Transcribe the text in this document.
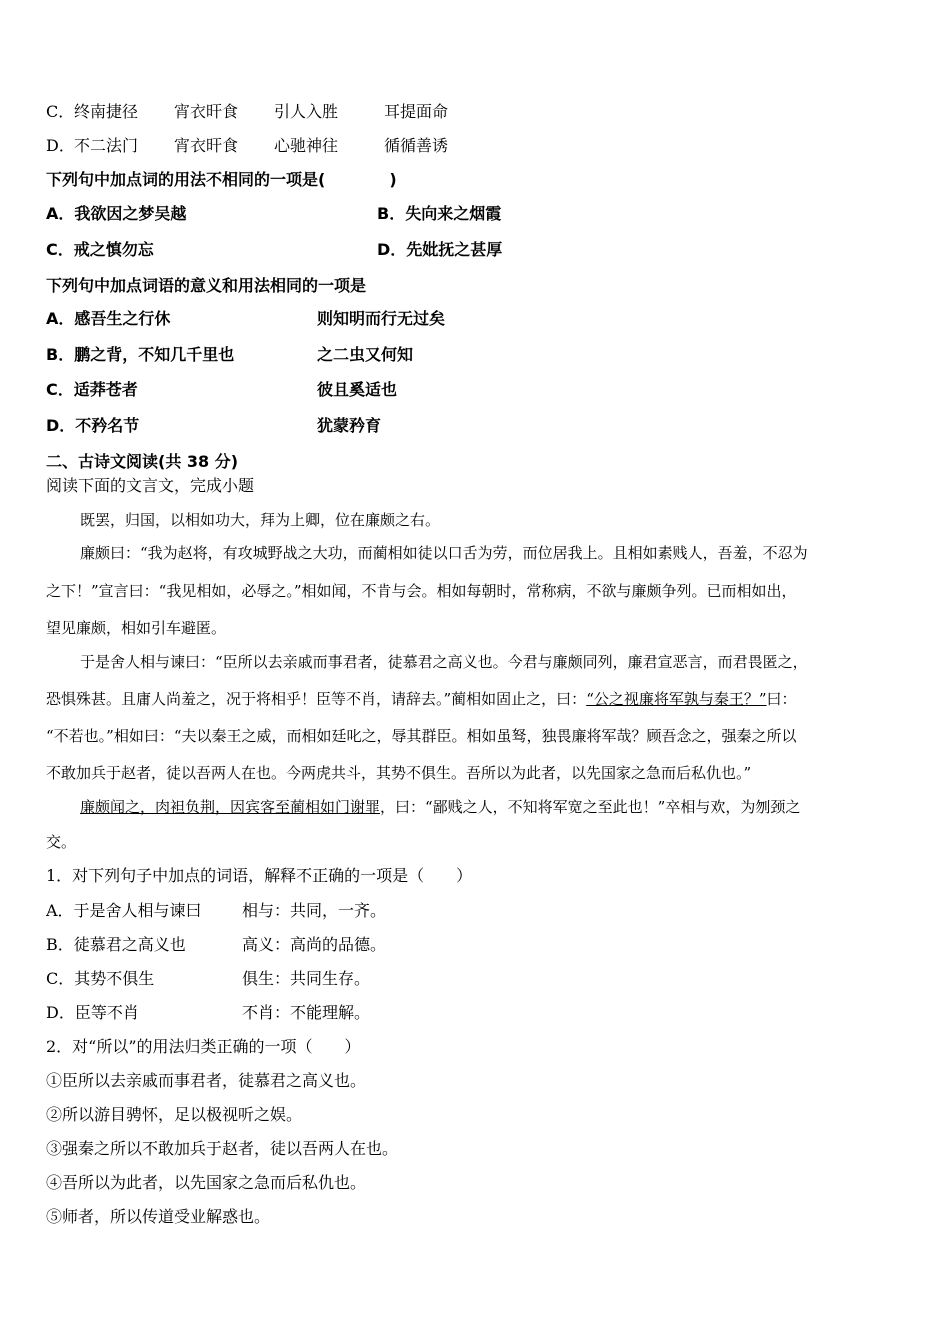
C． 终南捷径 宵衣旰食 引人入胜	耳提面命
D． 不二法门 宵衣旰食 心驰神往	循循善诱
下列句中加点词的用法不相同的一项是(　　　　)
A．我欲因之梦吴越	B．失向来之烟霞
C．戒之慎勿忘	D．先妣抚之甚厚
下列句中加点词语的意义和用法相同的一项是
A．感吾生之行休	则知明而行无过矣
B．鹏之背，不知几千里也	之二虫又何知
C．适莽苍者	彼且奚适也
D．不矜名节	犹蒙矜育
二、古诗文阅读(共 38 分)
阅读下面的文言文，完成小题
既罢，归国，以相如功大，拜为上卿，位在廉颇之右。
廉颇曰：“我为赵将，有攻城野战之大功，而蔺相如徒以口舌为劳，而位居我上。且相如素贱人，吾羞，不忍为
之下！”宣言曰：“我见相如，必辱之。”相如闻，不肯与会。相如每朝时，常称病，不欲与廉颇争列。已而相如出，
望见廉颇，相如引车避匿。
于是舍人相与谏曰：“臣所以去亲戚而事君者，徒慕君之高义也。今君与廉颇同列，廉君宣恶言，而君畏匿之，
恐惧殊甚。且庸人尚羞之，况于将相乎！臣等不肖，请辞去。”蔺相如固止之，曰：“公之视廉将军孰与秦王？”曰：
“不若也。”相如曰：“夫以秦王之威，而相如廷叱之，辱其群臣。相如虽驽，独畏廉将军哉？顾吾念之，强秦之所以
不敢加兵于赵者，徒以吾两人在也。今两虎共斗，其势不俱生。吾所以为此者，以先国家之急而后私仇也。”
廉颇闻之，肉袒负荆，因宾客至蔺相如门谢罪，曰：“鄙贱之人，不知将军宽之至此也！”卒相与欢，为刎颈之
交。
1．对下列句子中加点的词语，解释不正确的一项是（　　）
A．于是舍人相与谏曰	相与：共同，一齐。
B．徒慕君之高义也	高义：高尚的品德。
C．其势不俱生	俱生：共同生存。
D．臣等不肖	不肖：不能理解。
2．对“所以”的用法归类正确的一项（　　）
①臣所以去亲戚而事君者，徒慕君之高义也。
②所以游目骋怀，足以极视听之娱。
③强秦之所以不敢加兵于赵者，徒以吾两人在也。
④吾所以为此者，以先国家之急而后私仇也。
⑤师者，所以传道受业解惑也。
